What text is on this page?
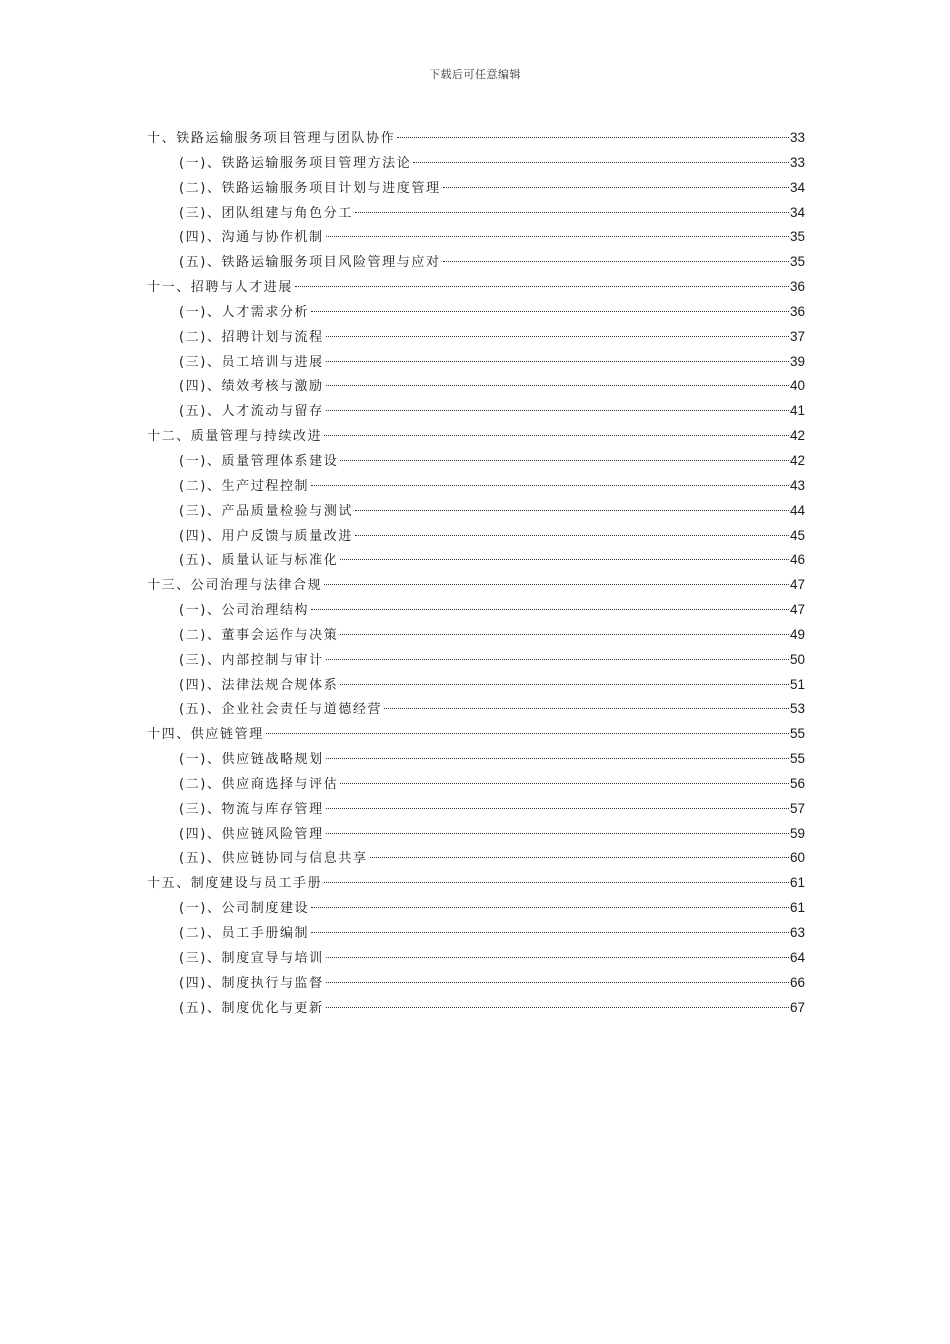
下载后可任意编辑
十、铁路运输服务项目管理与团队协作	33
(一)、铁路运输服务项目管理方法论	33
(二)、铁路运输服务项目计划与进度管理	34
(三)、团队组建与角色分工	34
(四)、沟通与协作机制	35
(五)、铁路运输服务项目风险管理与应对	35
十一、招聘与人才进展	36
(一)、人才需求分析	36
(二)、招聘计划与流程	37
(三)、员工培训与进展	39
(四)、绩效考核与激励	40
(五)、人才流动与留存	41
十二、质量管理与持续改进	42
(一)、质量管理体系建设	42
(二)、生产过程控制	43
(三)、产品质量检验与测试	44
(四)、用户反馈与质量改进	45
(五)、质量认证与标准化	46
十三、公司治理与法律合规	47
(一)、公司治理结构	47
(二)、董事会运作与决策	49
(三)、内部控制与审计	50
(四)、法律法规合规体系	51
(五)、企业社会责任与道德经营	53
十四、供应链管理	55
(一)、供应链战略规划	55
(二)、供应商选择与评估	56
(三)、物流与库存管理	57
(四)、供应链风险管理	59
(五)、供应链协同与信息共享	60
十五、制度建设与员工手册	61
(一)、公司制度建设	61
(二)、员工手册编制	63
(三)、制度宣导与培训	64
(四)、制度执行与监督	66
(五)、制度优化与更新	67
